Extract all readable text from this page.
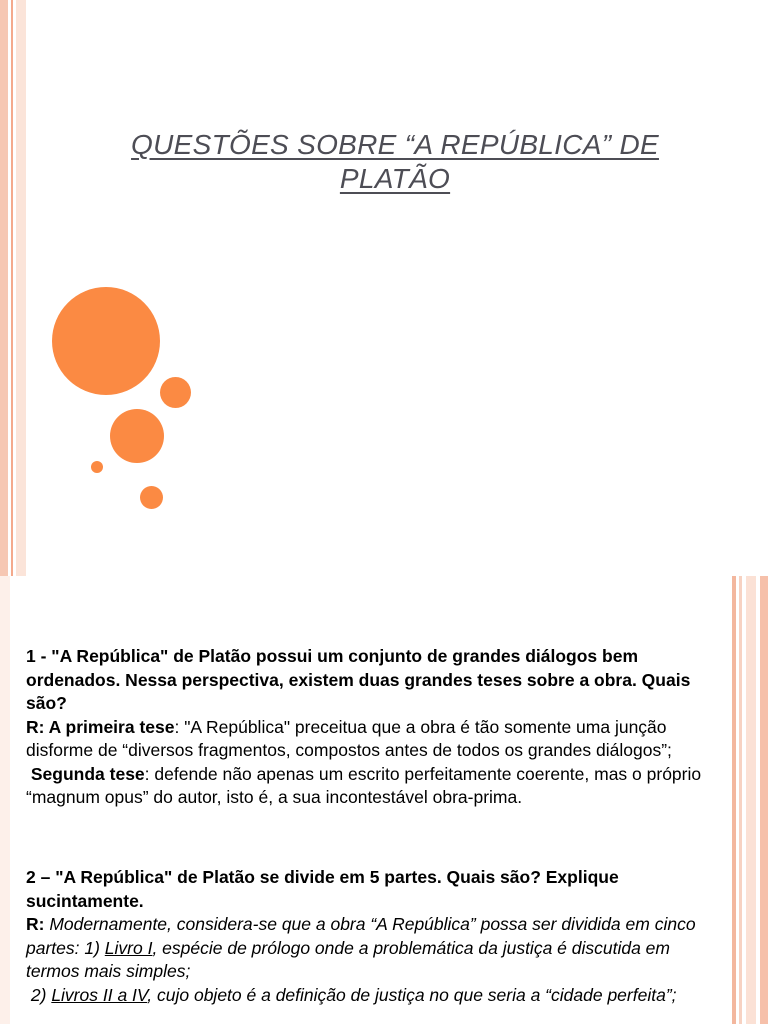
QUESTÕES SOBRE “A REPÚBLICA” DE
PLATÃO

1 - "A República" de Platão possui um conjunto de grandes diálogos bem ordenados. Nessa perspectiva, existem duas grandes teses sobre a obra. Quais são?

R: A primeira tese: "A República" preceitua que a obra é tão somente uma junção disforme de “diversos fragmentos, compostos antes de todos os grandes diálogos”;

Segunda tese: defende não apenas um escrito perfeitamente coerente, mas o próprio “magnum opus” do autor, isto é, a sua incontestável obra-prima.

2 – "A República" de Platão se divide em 5 partes. Quais são? Explique sucintamente.

R: Modernamente, considera-se que a obra “A República” possa ser dividida em cinco partes: 1) Livro I, espécie de prólogo onde a problemática da justiça é discutida em termos mais simples;

2) Livros II a IV, cujo objeto é a definição de justiça no que seria a “cidade perfeita”;
